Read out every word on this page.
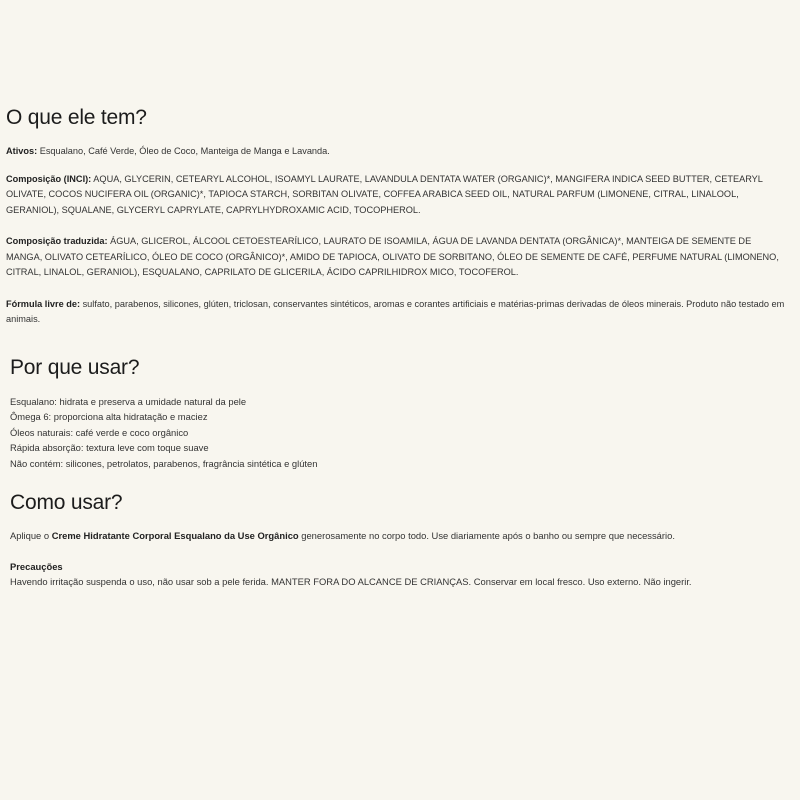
O que ele tem?

Ativos: Esqualano, Café Verde, Óleo de Coco, Manteiga de Manga e Lavanda.

Composição (INCI): AQUA, GLYCERIN, CETEARYL ALCOHOL, ISOAMYL LAURATE, LAVANDULA DENTATA WATER (ORGANIC)*, MANGIFERA INDICA SEED BUTTER, CETEARYL OLIVATE, COCOS NUCIFERA OIL (ORGANIC)*, TAPIOCA STARCH, SORBITAN OLIVATE, COFFEA ARABICA SEED OIL, NATURAL PARFUM (LIMONENE, CITRAL, LINALOOL, GERANIOL), SQUALANE, GLYCERYL CAPRYLATE, CAPRYLHYDROXAMIC ACID, TOCOPHEROL.

Composição traduzida: ÁGUA, GLICEROL, ÁLCOOL CETOESTEARÍLICO, LAURATO DE ISOAMILA, ÁGUA DE LAVANDA DENTATA (ORGÂNICA)*, MANTEIGA DE SEMENTE DE MANGA, OLIVATO CETEARÍLICO, ÓLEO DE COCO (ORGÂNICO)*, AMIDO DE TAPIOCA, OLIVATO DE SORBITANO, ÓLEO DE SEMENTE DE CAFÉ, PERFUME NATURAL (LIMONENO, CITRAL, LINALOL, GERANIOL), ESQUALANO, CAPRILATO DE GLICERILA, ÁCIDO CAPRILHIDROX MICO, TOCOFEROL.

Fórmula livre de: sulfato, parabenos, silicones, glúten, triclosan, conservantes sintéticos, aromas e corantes artificiais e matérias-primas derivadas de óleos minerais. Produto não testado em animais.

Por que usar?

Esqualano: hidrata e preserva a umidade natural da pele

Ômega 6: proporciona alta hidratação e maciez

Óleos naturais: café verde e coco orgânico

Rápida absorção: textura leve com toque suave

Não contém: silicones, petrolatos, parabenos, fragrância sintética e glúten

Como usar?

Aplique o Creme Hidratante Corporal Esqualano da Use Orgânico generosamente no corpo todo. Use diariamente após o banho ou sempre que necessário.

Precauções

Havendo irritação suspenda o uso, não usar sob a pele ferida. MANTER FORA DO ALCANCE DE CRIANÇAS. Conservar em local fresco. Uso externo. Não ingerir.
